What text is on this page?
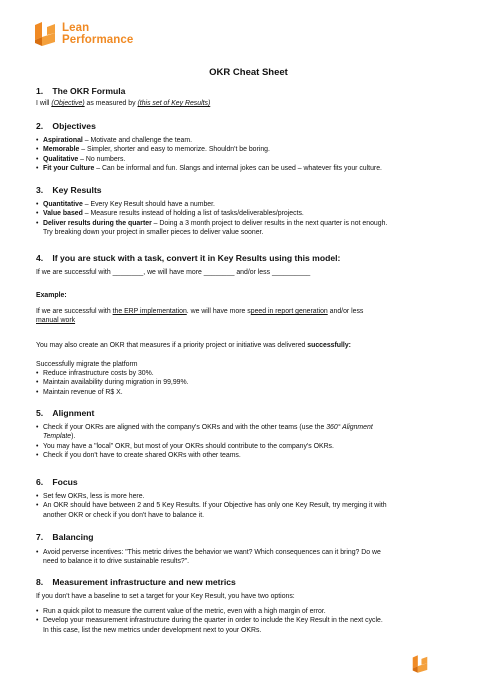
Lean
Performance
OKR Cheat Sheet
1. The OKR Formula
I will (Objective) as measured by (this set of Key Results)
2. Objectives
• Aspirational – Motivate and challenge the team.
• Memorable – Simpler, shorter and easy to memorize. Shouldn't be boring.
• Qualitative – No numbers.
• Fit your Culture – Can be informal and fun. Slangs and internal jokes can be used – whatever fits your culture.
3. Key Results
• Quantitative – Every Key Result should have a number.
• Value based – Measure results instead of holding a list of tasks/deliverables/projects.
• Deliver results during the quarter – Doing a 3 month project to deliver results in the next quarter is not enough.
Try breaking down your project in smaller pieces to deliver value sooner.
4. If you are stuck with a task, convert it in Key Results using this model:
If we are successful with ________, we will have more ________ and/or less __________
Example:
If we are successful with the ERP implementation. we will have more speed in report generation and/or less
manual work
You may also create an OKR that measures if a priority project or initiative was delivered successfully:
Successfully migrate the platform
• Reduce infrastructure costs by 30%.
• Maintain availability during migration in 99,99%.
• Maintain revenue of R$ X.
5. Alignment
• Check if your OKRs are aligned with the company's OKRs and with the other teams (use the 360° Alignment
Template).
• You may have a "local" OKR, but most of your OKRs should contribute to the company's OKRs.
• Check if you don't have to create shared OKRs with other teams.
6. Focus
• Set few OKRs, less is more here.
• An OKR should have between 2 and 5 Key Results. If your Objective has only one Key Result, try merging it with
another OKR or check if you don't have to balance it.
7. Balancing
• Avoid perverse incentives: "This metric drives the behavior we want? Which consequences can it bring? Do we
need to balance it to drive sustainable results?".
8. Measurement infrastructure and new metrics
If you don't have a baseline to set a target for your Key Result, you have two options:
• Run a quick pilot to measure the current value of the metric, even with a high margin of error.
• Develop your measurement infrastructure during the quarter in order to include the Key Result in the next cycle.
In this case, list the new metrics under development next to your OKRs.
